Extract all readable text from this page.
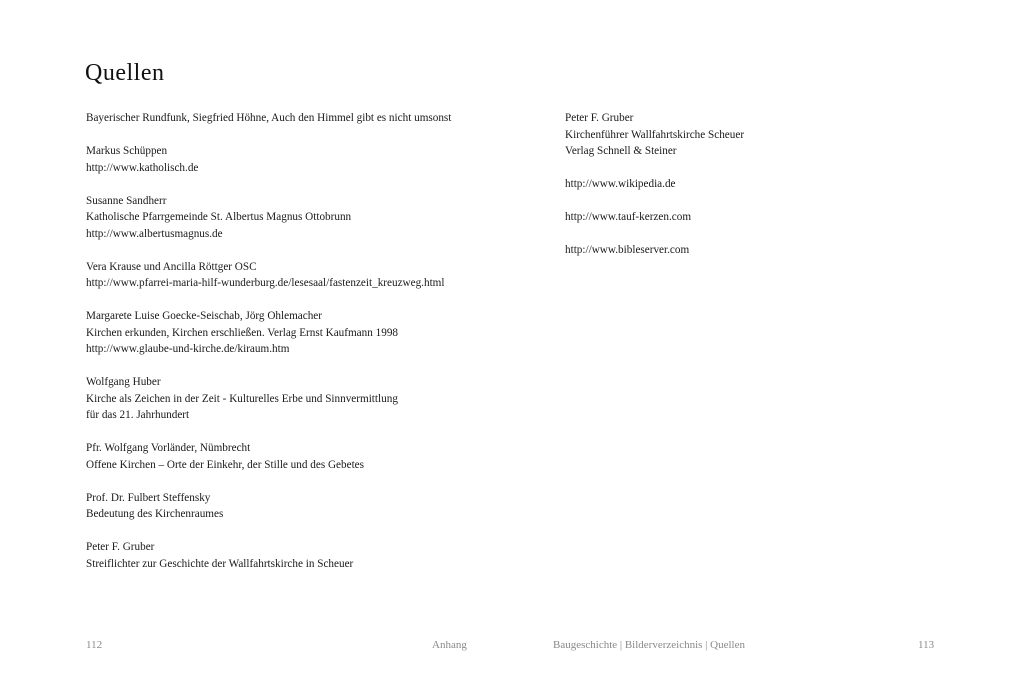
Quellen
Bayerischer Rundfunk, Siegfried Höhne, Auch den Himmel gibt es nicht umsonst
Markus Schüppen
http://www.katholisch.de
Susanne Sandherr
Katholische Pfarrgemeinde St. Albertus Magnus Ottobrunn
http://www.albertusmagnus.de
Vera Krause und Ancilla Röttger OSC
http://www.pfarrei-maria-hilf-wunderburg.de/lesesaal/fastenzeit_kreuzweg.html
Margarete Luise Goecke-Seischab, Jörg Ohlemacher
Kirchen erkunden, Kirchen erschließen. Verlag Ernst Kaufmann 1998
http://www.glaube-und-kirche.de/kiraum.htm
Wolfgang Huber
Kirche als Zeichen in der Zeit - Kulturelles Erbe und Sinnvermittlung
für das 21. Jahrhundert
Pfr. Wolfgang Vorländer, Nümbrecht
Offene Kirchen – Orte der Einkehr, der Stille und des Gebetes
Prof. Dr. Fulbert Steffensky
Bedeutung des Kirchenraumes
Peter F. Gruber
Streiflichter zur Geschichte der Wallfahrtskirche in Scheuer
Peter F. Gruber
Kirchenführer Wallfahrtskirche Scheuer
Verlag Schnell & Steiner
http://www.wikipedia.de
http://www.tauf-kerzen.com
http://www.bibleserver.com
112	Anhang	Baugeschichte | Bilderverzeichnis | Quellen	113
